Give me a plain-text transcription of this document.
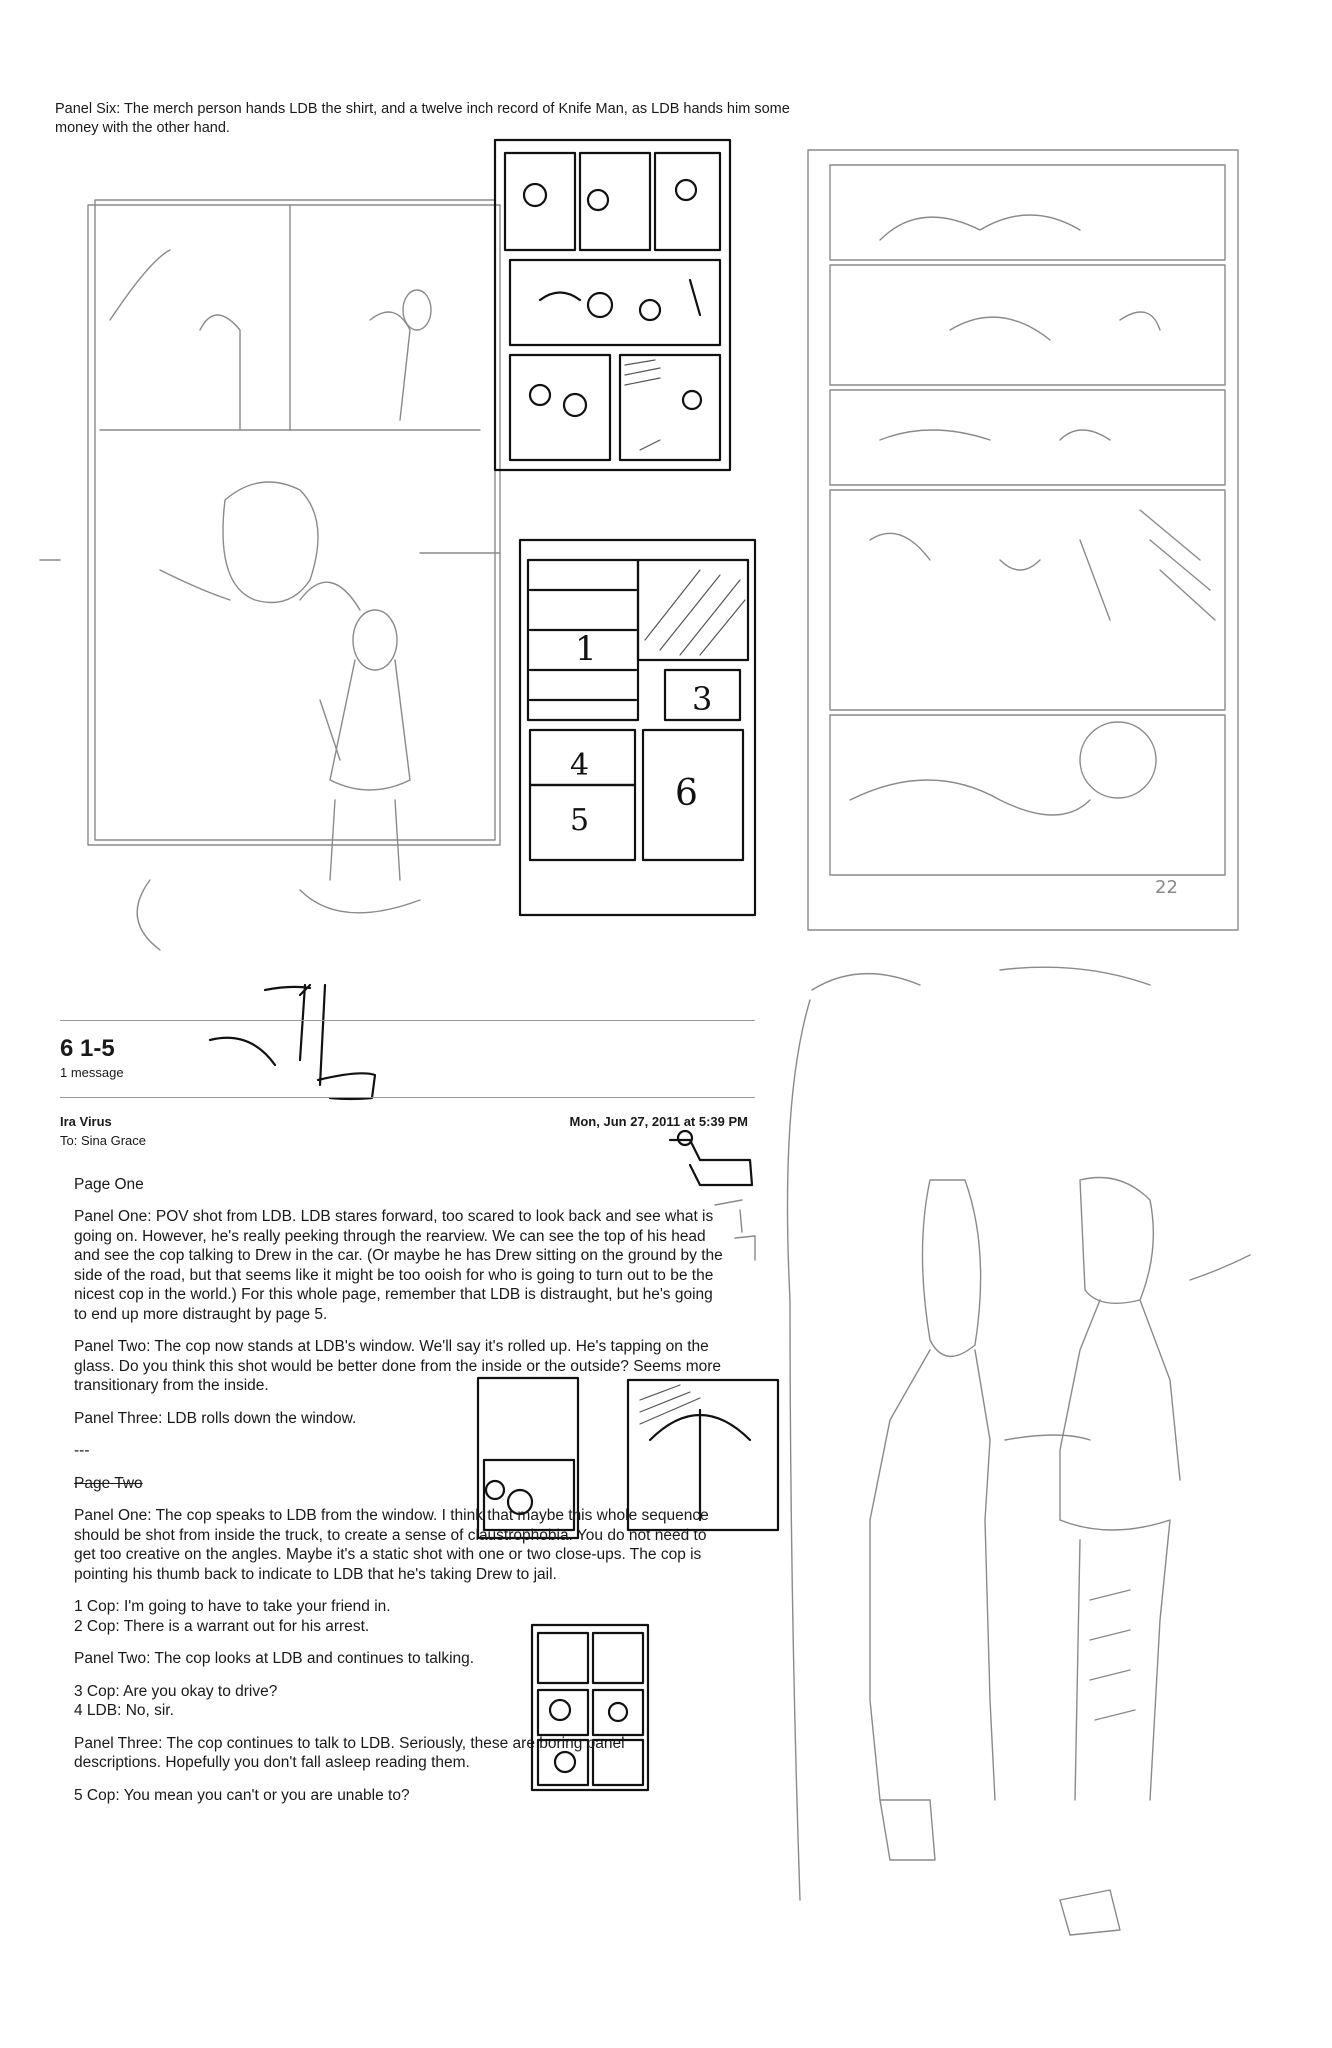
1
3
4
5
6
22
Panel Six: The merch person hands LDB the shirt, and a twelve inch record of Knife Man, as LDB hands him some money with the other hand.
6 1-5
1 message
Ira Virus	Mon, Jun 27, 2011 at 5:39 PM
To: Sina Grace

Page One

Panel One: POV shot from LDB. LDB stares forward, too scared to look back and see what is going on. However, he's really peeking through the rearview. We can see the top of his head and see the cop talking to Drew in the car. (Or maybe he has Drew sitting on the ground by the side of the road, but that seems like it might be too ooish for who is going to turn out to be the nicest cop in the world.) For this whole page, remember that LDB is distraught, but he's going to end up more distraught by page 5.

Panel Two: The cop now stands at LDB's window. We'll say it's rolled up. He's tapping on the glass. Do you think this shot would be better done from the inside or the outside? Seems more transitionary from the inside.

Panel Three: LDB rolls down the window.

---

Page Two

Panel One: The cop speaks to LDB from the window. I think that maybe this whole sequence should be shot from inside the truck, to create a sense of claustrophobia. You do not need to get too creative on the angles. Maybe it's a static shot with one or two close-ups. The cop is pointing his thumb back to indicate to LDB that he's taking Drew to jail.

1 Cop: I'm going to have to take your friend in.
2 Cop: There is a warrant out for his arrest.

Panel Two: The cop looks at LDB and continues to talking.

3 Cop: Are you okay to drive?
4 LDB: No, sir.

Panel Three: The cop continues to talk to LDB. Seriously, these are boring panel descriptions. Hopefully you don't fall asleep reading them.

5 Cop: You mean you can't or you are unable to?
